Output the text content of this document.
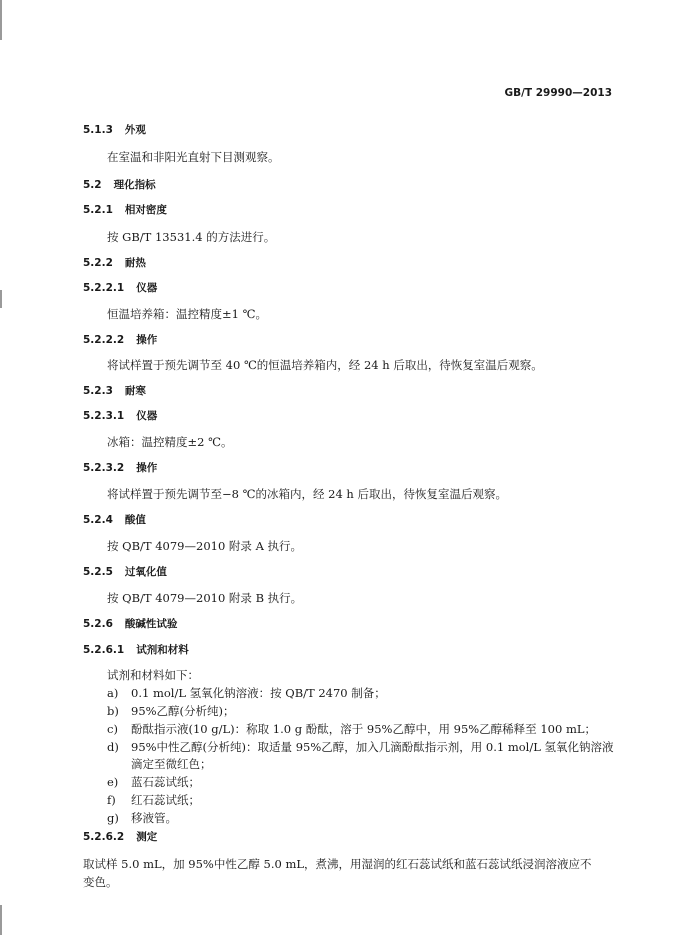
GB/T 29990—2013
5.1.3 外观
在室温和非阳光直射下目测观察。
5.2 理化指标
5.2.1 相对密度
按 GB/T 13531.4 的方法进行。
5.2.2 耐热
5.2.2.1 仪器
恒温培养箱：温控精度±1 ℃。
5.2.2.2 操作
将试样置于预先调节至 40 ℃的恒温培养箱内，经 24 h 后取出，待恢复室温后观察。
5.2.3 耐寒
5.2.3.1 仪器
冰箱：温控精度±2 ℃。
5.2.3.2 操作
将试样置于预先调节至−8 ℃的冰箱内，经 24 h 后取出，待恢复室温后观察。
5.2.4 酸值
按 QB/T 4079—2010 附录 A 执行。
5.2.5 过氧化值
按 QB/T 4079—2010 附录 B 执行。
5.2.6 酸碱性试验
5.2.6.1 试剂和材料
试剂和材料如下：
a) 0.1 mol/L 氢氧化钠溶液：按 QB/T 2470 制备；
b) 95%乙醇(分析纯)；
c) 酚酞指示液(10 g/L)：称取 1.0 g 酚酞，溶于 95%乙醇中，用 95%乙醇稀释至 100 mL；
d) 95%中性乙醇(分析纯)：取适量 95%乙醇，加入几滴酚酞指示剂，用 0.1 mol/L 氢氧化钠溶液
滴定至微红色；
e) 蓝石蕊试纸；
f) 红石蕊试纸；
g) 移液管。
5.2.6.2 测定
取试样 5.0 mL，加 95%中性乙醇 5.0 mL，煮沸，用湿润的红石蕊试纸和蓝石蕊试纸浸润溶液应不
变色。
